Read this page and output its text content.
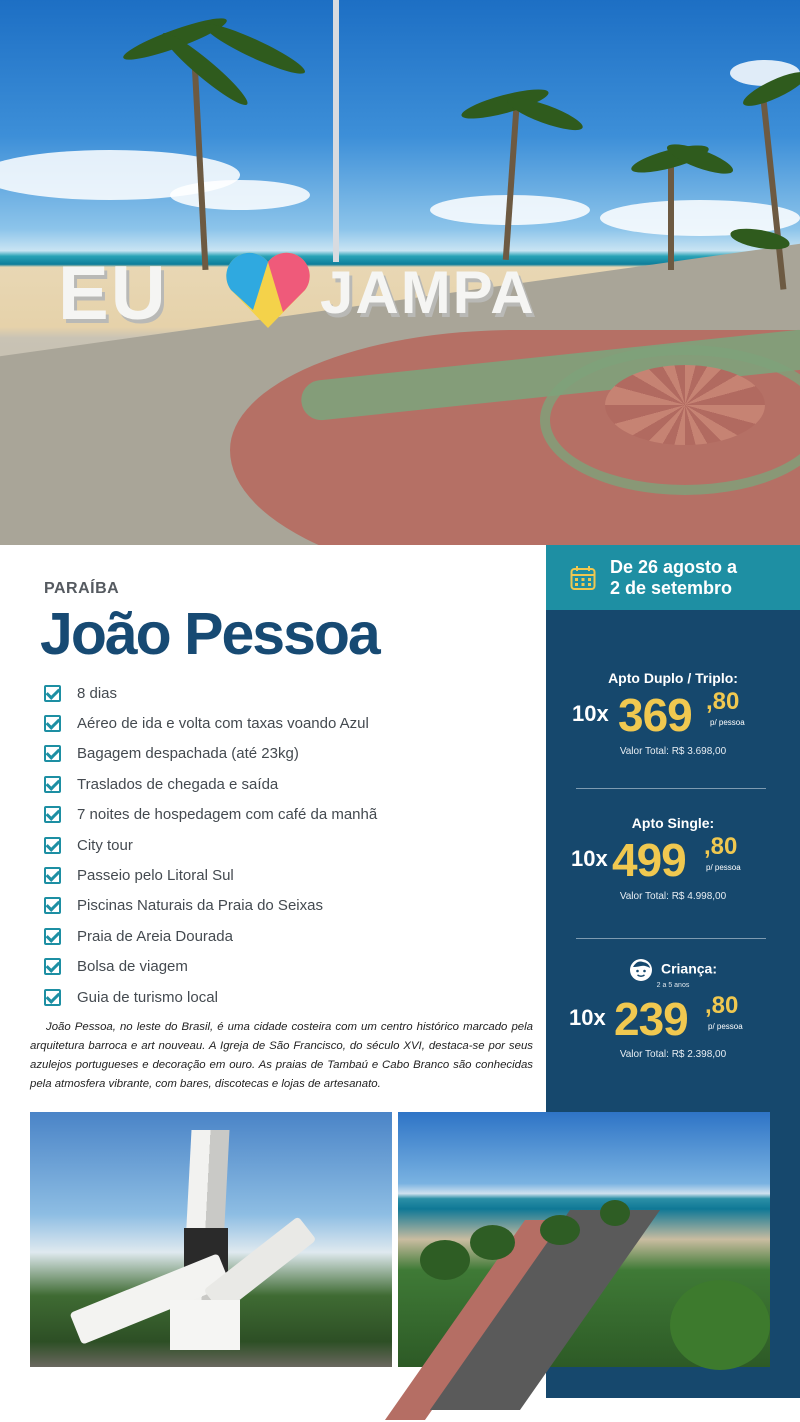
EU	JAMPA
PARAÍBA
João Pessoa
8 dias
Aéreo de ida e volta com taxas voando Azul
Bagagem despachada (até 23kg)
Traslados de chegada e saída
7 noites de hospedagem com café da manhã
City tour
Passeio pelo Litoral Sul
Piscinas Naturais da Praia do Seixas
Praia de Areia Dourada
Bolsa de viagem
Guia de turismo local

João Pessoa, no leste do Brasil, é uma cidade costeira com um centro histórico marcado pela arquitetura barroca e art nouveau. A Igreja de São Francisco, do século XVI, destaca-se por seus azulejos portugueses e decoração em ouro. As praias de Tambaú e Cabo Branco são conhecidas pela atmosfera vibrante, com bares, discotecas e lojas de artesanato.

De 26 agosto a
2 de setembro
Apto Duplo / Triplo:
10x 369 ,80
p/ pessoa
Valor Total: R$ 3.698,00
Apto Single:
10x 499 ,80
p/ pessoa
Valor Total: R$ 4.998,00
Criança:
2 a 5 anos
10x 239 ,80
p/ pessoa
Valor Total: R$ 2.398,00
